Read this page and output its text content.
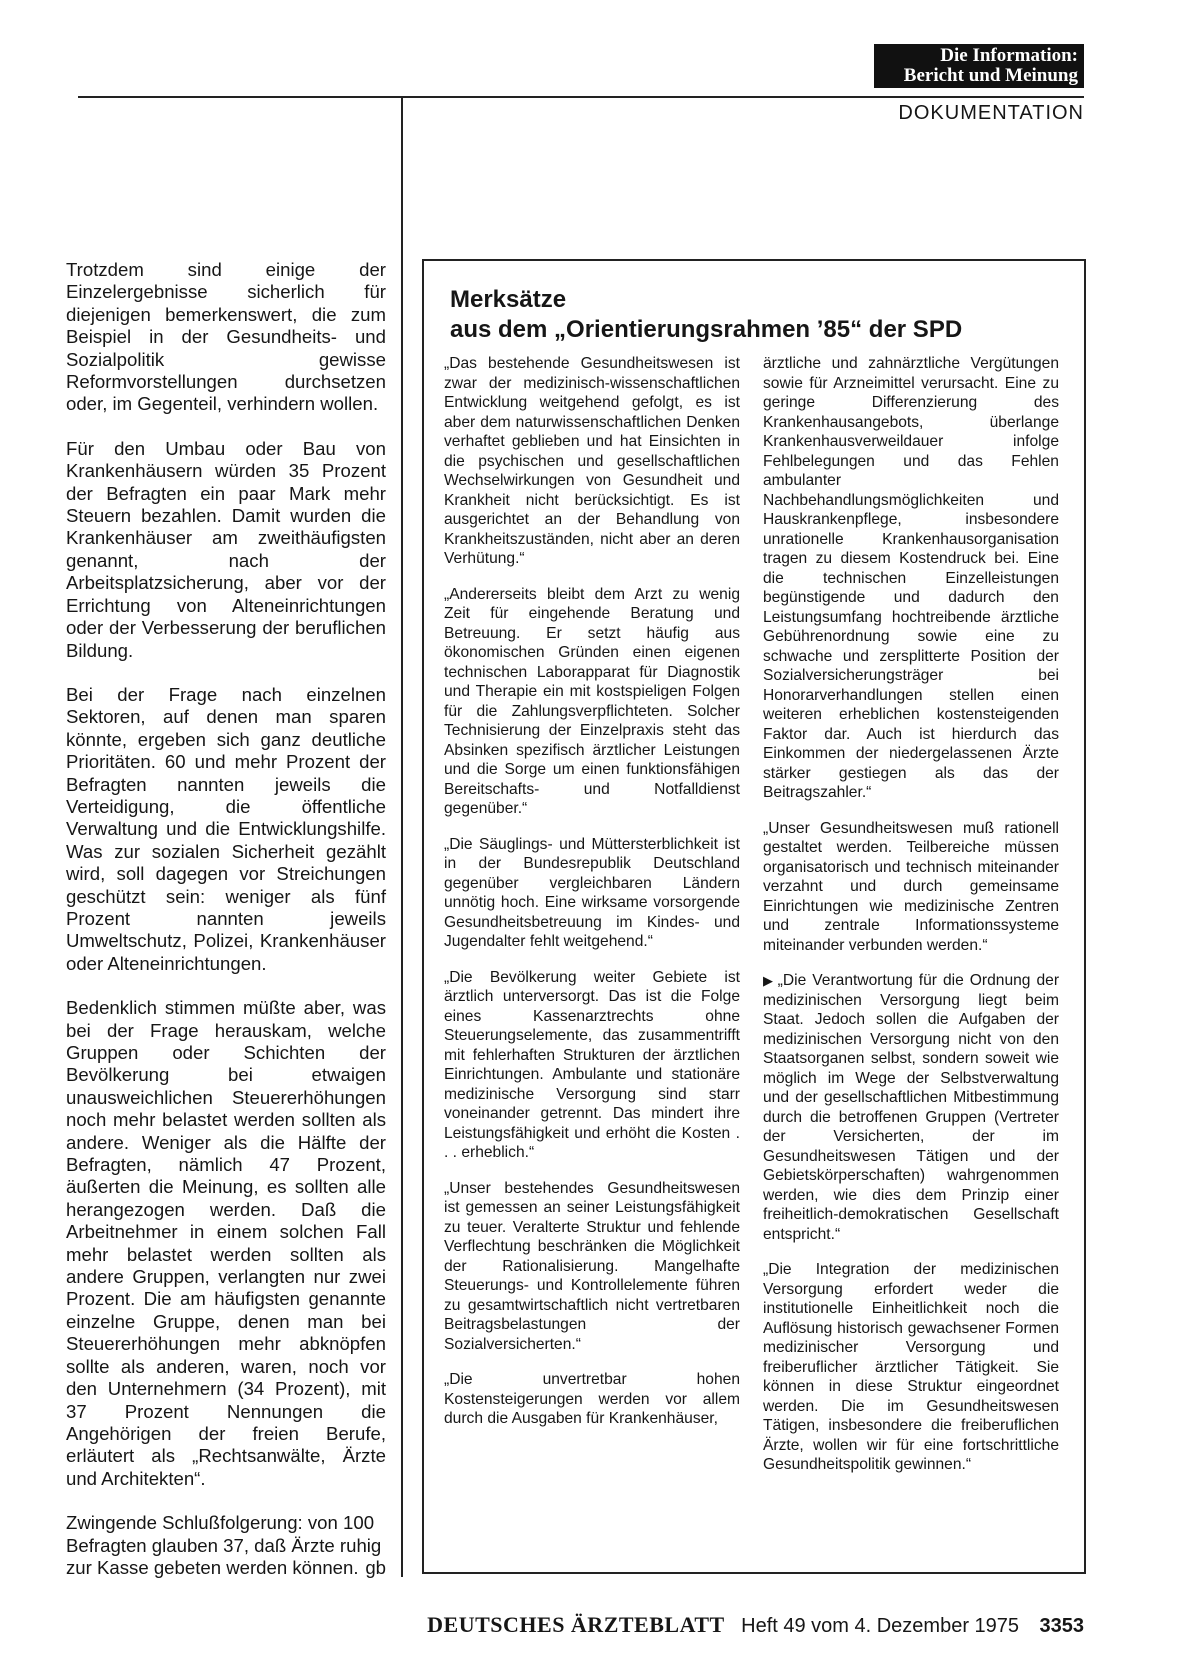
Die Information:
Bericht und Meinung
DOKUMENTATION

Trotzdem sind einige der Einzelergebnisse sicherlich für diejenigen bemerkenswert, die zum Beispiel in der Gesundheits- und Sozialpolitik gewisse Reformvorstellungen durchsetzen oder, im Gegenteil, verhindern wollen.

Für den Umbau oder Bau von Krankenhäusern würden 35 Prozent der Befragten ein paar Mark mehr Steuern bezahlen. Damit wurden die Krankenhäuser am zweithäufigsten genannt, nach der Arbeitsplatzsicherung, aber vor der Errichtung von Alteneinrichtungen oder der Verbesserung der beruflichen Bildung.

Bei der Frage nach einzelnen Sektoren, auf denen man sparen könnte, ergeben sich ganz deutliche Prioritäten. 60 und mehr Prozent der Befragten nannten jeweils die Verteidigung, die öffentliche Verwaltung und die Entwicklungshilfe. Was zur sozialen Sicherheit gezählt wird, soll dagegen vor Streichungen geschützt sein: weniger als fünf Prozent nannten jeweils Umweltschutz, Polizei, Krankenhäuser oder Alteneinrichtungen.

Bedenklich stimmen müßte aber, was bei der Frage herauskam, welche Gruppen oder Schichten der Bevölkerung bei etwaigen unausweichlichen Steuererhöhungen noch mehr belastet werden sollten als andere. Weniger als die Hälfte der Befragten, nämlich 47 Prozent, äußerten die Meinung, es sollten alle herangezogen werden. Daß die Arbeitnehmer in einem solchen Fall mehr belastet werden sollten als andere Gruppen, verlangten nur zwei Prozent. Die am häufigsten genannte einzelne Gruppe, denen man bei Steuererhöhungen mehr abknöpfen sollte als anderen, waren, noch vor den Unternehmern (34 Prozent), mit 37 Prozent Nennungen die Angehörigen der freien Berufe, erläutert als „Rechtsanwälte, Ärzte und Architekten“.

Zwingende Schlußfolgerung: von 100 Befragten glauben 37, daß Ärzte ruhig zur Kasse gebeten werden können. gb

Merksätze
aus dem „Orientierungsrahmen ’85“ der SPD

„Das bestehende Gesundheitswesen ist zwar der medizinisch-wissenschaftlichen Entwicklung weitgehend gefolgt, es ist aber dem naturwissenschaftlichen Denken verhaftet geblieben und hat Einsichten in die psychischen und gesellschaftlichen Wechselwirkungen von Gesundheit und Krankheit nicht berücksichtigt. Es ist ausgerichtet an der Behandlung von Krankheitszuständen, nicht aber an deren Verhütung.“

„Andererseits bleibt dem Arzt zu wenig Zeit für eingehende Beratung und Betreuung. Er setzt häufig aus ökonomischen Gründen einen eigenen technischen Laborapparat für Diagnostik und Therapie ein mit kostspieligen Folgen für die Zahlungsverpflichteten. Solcher Technisierung der Einzelpraxis steht das Absinken spezifisch ärztlicher Leistungen und die Sorge um einen funktionsfähigen Bereitschafts- und Notfalldienst gegenüber.“

„Die Säuglings- und Müttersterblichkeit ist in der Bundesrepublik Deutschland gegenüber vergleichbaren Ländern unnötig hoch. Eine wirksame vorsorgende Gesundheitsbetreuung im Kindes- und Jugendalter fehlt weitgehend.“

„Die Bevölkerung weiter Gebiete ist ärztlich unterversorgt. Das ist die Folge eines Kassenarztrechts ohne Steuerungselemente, das zusammentrifft mit fehlerhaften Strukturen der ärztlichen Einrichtungen. Ambulante und stationäre medizinische Versorgung sind starr voneinander getrennt. Das mindert ihre Leistungsfähigkeit und erhöht die Kosten . . . erheblich.“

„Unser bestehendes Gesundheitswesen ist gemessen an seiner Leistungsfähigkeit zu teuer. Veralterte Struktur und fehlende Verflechtung beschränken die Möglichkeit der Rationalisierung. Mangelhafte Steuerungs- und Kontrollelemente führen zu gesamtwirtschaftlich nicht vertretbaren Beitragsbelastungen der Sozialversicherten.“

„Die unvertretbar hohen Kostensteigerungen werden vor allem durch die Ausgaben für Krankenhäuser,

ärztliche und zahnärztliche Vergütungen sowie für Arzneimittel verursacht. Eine zu geringe Differenzierung des Krankenhausangebots, überlange Krankenhausverweildauer infolge Fehlbelegungen und das Fehlen ambulanter Nachbehandlungsmöglichkeiten und Hauskrankenpflege, insbesondere unrationelle Krankenhausorganisation tragen zu diesem Kostendruck bei. Eine die technischen Einzelleistungen begünstigende und dadurch den Leistungsumfang hochtreibende ärztliche Gebührenordnung sowie eine zu schwache und zersplitterte Position der Sozialversicherungsträger bei Honorarverhandlungen stellen einen weiteren erheblichen kostensteigenden Faktor dar. Auch ist hierdurch das Einkommen der niedergelassenen Ärzte stärker gestiegen als das der Beitragszahler.“

„Unser Gesundheitswesen muß rationell gestaltet werden. Teilbereiche müssen organisatorisch und technisch miteinander verzahnt und durch gemeinsame Einrichtungen wie medizinische Zentren und zentrale Informationssysteme miteinander verbunden werden.“

▶ „Die Verantwortung für die Ordnung der medizinischen Versorgung liegt beim Staat. Jedoch sollen die Aufgaben der medizinischen Versorgung nicht von den Staatsorganen selbst, sondern soweit wie möglich im Wege der Selbstverwaltung und der gesellschaftlichen Mitbestimmung durch die betroffenen Gruppen (Vertreter der Versicherten, der im Gesundheitswesen Tätigen und der Gebietskörperschaften) wahrgenommen werden, wie dies dem Prinzip einer freiheitlich-demokratischen Gesellschaft entspricht.“

„Die Integration der medizinischen Versorgung erfordert weder die institutionelle Einheitlichkeit noch die Auflösung historisch gewachsener Formen medizinischer Versorgung und freiberuflicher ärztlicher Tätigkeit. Sie können in diese Struktur eingeordnet werden. Die im Gesundheitswesen Tätigen, insbesondere die freiberuflichen Ärzte, wollen wir für eine fortschrittliche Gesundheitspolitik gewinnen.“

DEUTSCHES ÄRZTEBLATT Heft 49 vom 4. Dezember 1975 3353
